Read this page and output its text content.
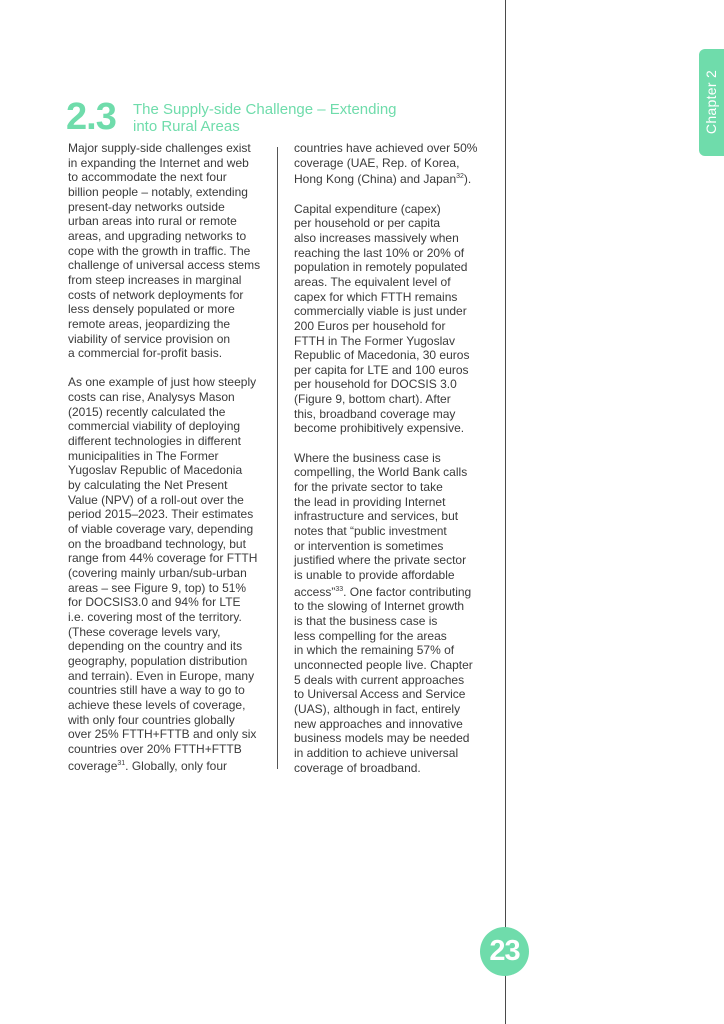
Chapter 2
2.3 The Supply-side Challenge – Extending
into Rural Areas
Major supply-side challenges exist
in expanding the Internet and web
to accommodate the next four
billion people – notably, extending
present-day networks outside
urban areas into rural or remote
areas, and upgrading networks to
cope with the growth in traffic. The
challenge of universal access stems
from steep increases in marginal
costs of network deployments for
less densely populated or more
remote areas, jeopardizing the
viability of service provision on
a commercial for-profit basis.
As one example of just how steeply
costs can rise, Analysys Mason
(2015) recently calculated the
commercial viability of deploying
different technologies in different
municipalities in The Former
Yugoslav Republic of Macedonia
by calculating the Net Present
Value (NPV) of a roll-out over the
period 2015–2023. Their estimates
of viable coverage vary, depending
on the broadband technology, but
range from 44% coverage for FTTH
(covering mainly urban/sub-urban
areas – see Figure 9, top) to 51%
for DOCSIS3.0 and 94% for LTE
i.e. covering most of the territory.
(These coverage levels vary,
depending on the country and its
geography, population distribution
and terrain). Even in Europe, many
countries still have a way to go to
achieve these levels of coverage,
with only four countries globally
over 25% FTTH+FTTB and only six
countries over 20% FTTH+FTTB
coverage$^{31}$. Globally, only four
countries have achieved over 50%
coverage (UAE, Rep. of Korea,
Hong Kong (China) and Japan$^{32}$).
Capital expenditure (capex)
per household or per capita
also increases massively when
reaching the last 10% or 20% of
population in remotely populated
areas. The equivalent level of
capex for which FTTH remains
commercially viable is just under
200 Euros per household for
FTTH in The Former Yugoslav
Republic of Macedonia, 30 euros
per capita for LTE and 100 euros
per household for DOCSIS 3.0
(Figure 9, bottom chart). After
this, broadband coverage may
become prohibitively expensive.
Where the business case is
compelling, the World Bank calls
for the private sector to take
the lead in providing Internet
infrastructure and services, but
notes that “public investment
or intervention is sometimes
justified where the private sector
is unable to provide affordable
access”$^{33}$. One factor contributing
to the slowing of Internet growth
is that the business case is
less compelling for the areas
in which the remaining 57% of
unconnected people live. Chapter
5 deals with current approaches
to Universal Access and Service
(UAS), although in fact, entirely
new approaches and innovative
business models may be needed
in addition to achieve universal
coverage of broadband.
23
